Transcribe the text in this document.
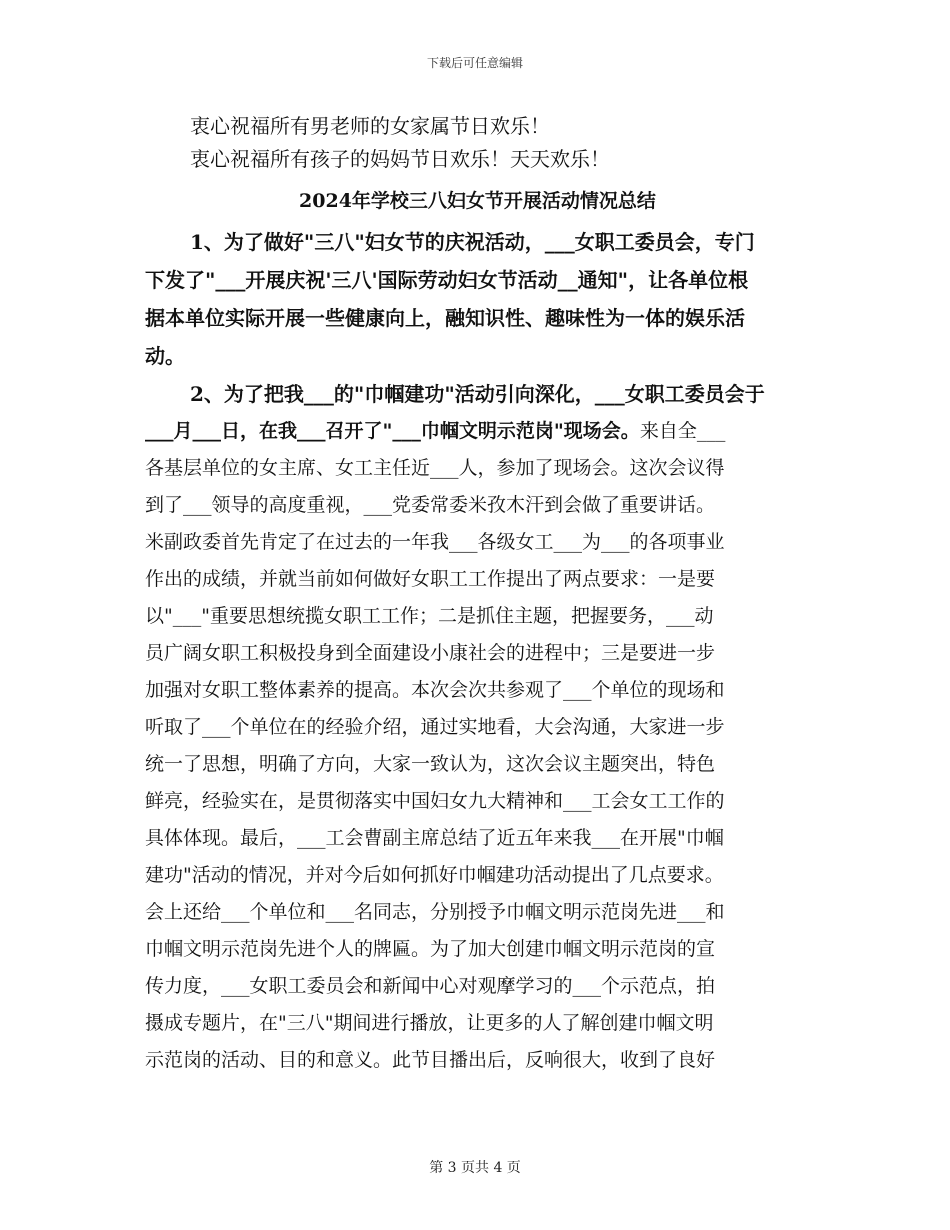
下载后可任意编辑
衷心祝福所有男老师的女家属节日欢乐！
衷心祝福所有孩子的妈妈节日欢乐！天天欢乐！
2024年学校三八妇女节开展活动情况总结
1、为了做好"三八"妇女节的庆祝活动，___女职工委员会，专门
下发了"___开展庆祝'三八'国际劳动妇女节活动__通知"，让各单位根
据本单位实际开展一些健康向上，融知识性、趣味性为一体的娱乐活
动。
2、为了把我___的"巾帼建功"活动引向深化，___女职工委员会于
___月___日，在我___召开了"___巾帼文明示范岗"现场会。来自全___
各基层单位的女主席、女工主任近___人，参加了现场会。这次会议得
到了___领导的高度重视，___党委常委米孜木汗到会做了重要讲话。
米副政委首先肯定了在过去的一年我___各级女工___为___的各项事业
作出的成绩，并就当前如何做好女职工工作提出了两点要求：一是要
以"___"重要思想统揽女职工工作；二是抓住主题，把握要务，___动
员广阔女职工积极投身到全面建设小康社会的进程中；三是要进一步
加强对女职工整体素养的提高。本次会次共参观了___个单位的现场和
听取了___个单位在的经验介绍，通过实地看，大会沟通，大家进一步
统一了思想，明确了方向，大家一致认为，这次会议主题突出，特色
鲜亮，经验实在，是贯彻落实中国妇女九大精神和___工会女工工作的
具体体现。最后，___工会曹副主席总结了近五年来我___在开展"巾帼
建功"活动的情况，并对今后如何抓好巾帼建功活动提出了几点要求。
会上还给___个单位和___名同志，分别授予巾帼文明示范岗先进___和
巾帼文明示范岗先进个人的牌匾。为了加大创建巾帼文明示范岗的宣
传力度，___女职工委员会和新闻中心对观摩学习的___个示范点，拍
摄成专题片，在"三八"期间进行播放，让更多的人了解创建巾帼文明
示范岗的活动、目的和意义。此节目播出后，反响很大，收到了良好
第 3 页共 4 页
